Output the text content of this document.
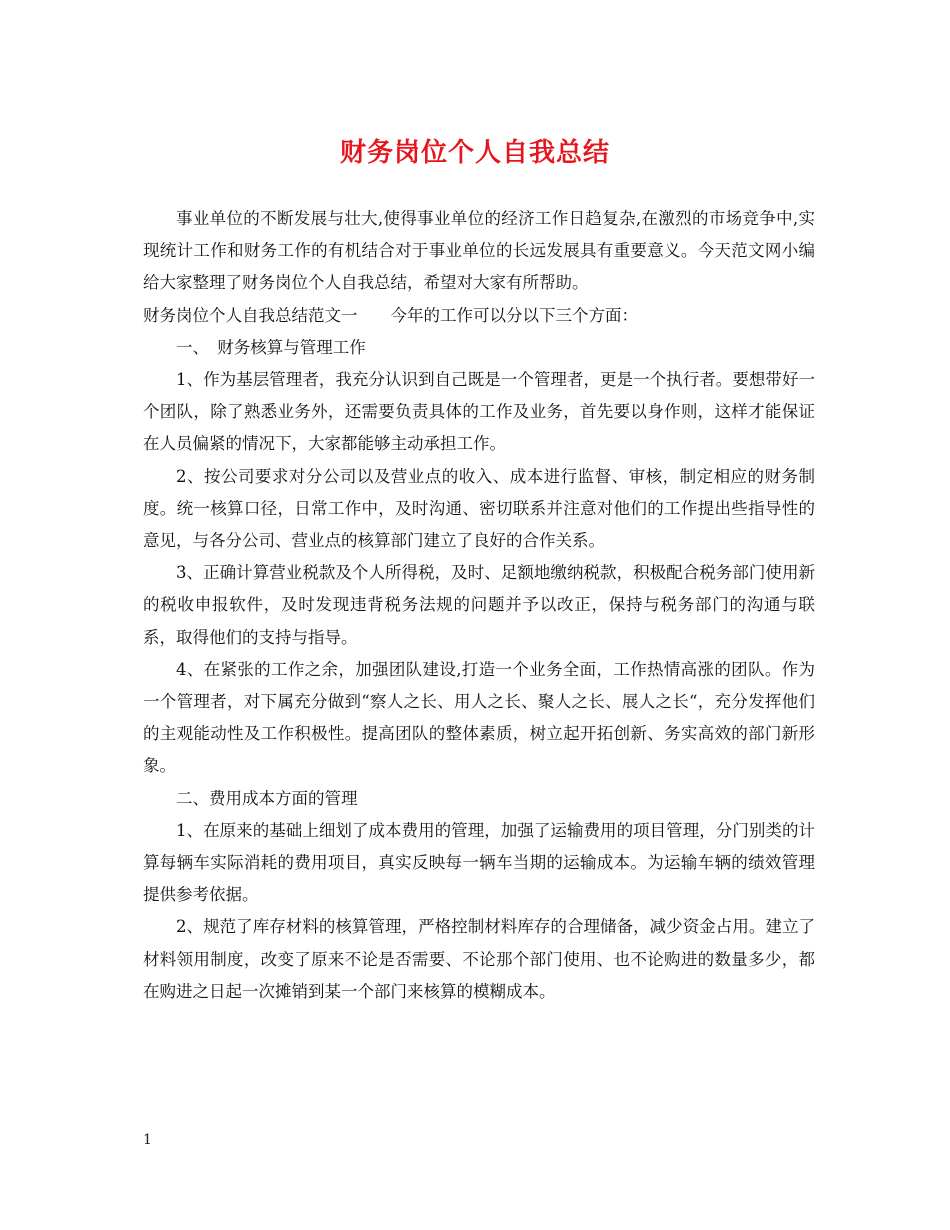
财务岗位个人自我总结

事业单位的不断发展与壮大,使得事业单位的经济工作日趋复杂,在激烈的市场竞争中,实现统计工作和财务工作的有机结合对于事业单位的长远发展具有重要意义。今天范文网小编给大家整理了财务岗位个人自我总结，希望对大家有所帮助。

财务岗位个人自我总结范文一　　今年的工作可以分以下三个方面：

一、　财务核算与管理工作

1、作为基层管理者，我充分认识到自己既是一个管理者，更是一个执行者。要想带好一个团队，除了熟悉业务外，还需要负责具体的工作及业务，首先要以身作则，这样才能保证在人员偏紧的情况下，大家都能够主动承担工作。

2、按公司要求对分公司以及营业点的收入、成本进行监督、审核，制定相应的财务制度。统一核算口径，日常工作中，及时沟通、密切联系并注意对他们的工作提出些指导性的意见，与各分公司、营业点的核算部门建立了良好的合作关系。

3、正确计算营业税款及个人所得税，及时、足额地缴纳税款，积极配合税务部门使用新的税收申报软件，及时发现违背税务法规的问题并予以改正，保持与税务部门的沟通与联系，取得他们的支持与指导。

4、在紧张的工作之余，加强团队建设,打造一个业务全面，工作热情高涨的团队。作为一个管理者，对下属充分做到“察人之长、用人之长、聚人之长、展人之长“，充分发挥他们的主观能动性及工作积极性。提高团队的整体素质，树立起开拓创新、务实高效的部门新形象。

二、费用成本方面的管理

1、在原来的基础上细划了成本费用的管理，加强了运输费用的项目管理，分门别类的计算每辆车实际消耗的费用项目，真实反映每一辆车当期的运输成本。为运输车辆的绩效管理提供参考依据。

2、规范了库存材料的核算管理，严格控制材料库存的合理储备，减少资金占用。建立了材料领用制度，改变了原来不论是否需要、不论那个部门使用、也不论购进的数量多少，都在购进之日起一次摊销到某一个部门来核算的模糊成本。

1
